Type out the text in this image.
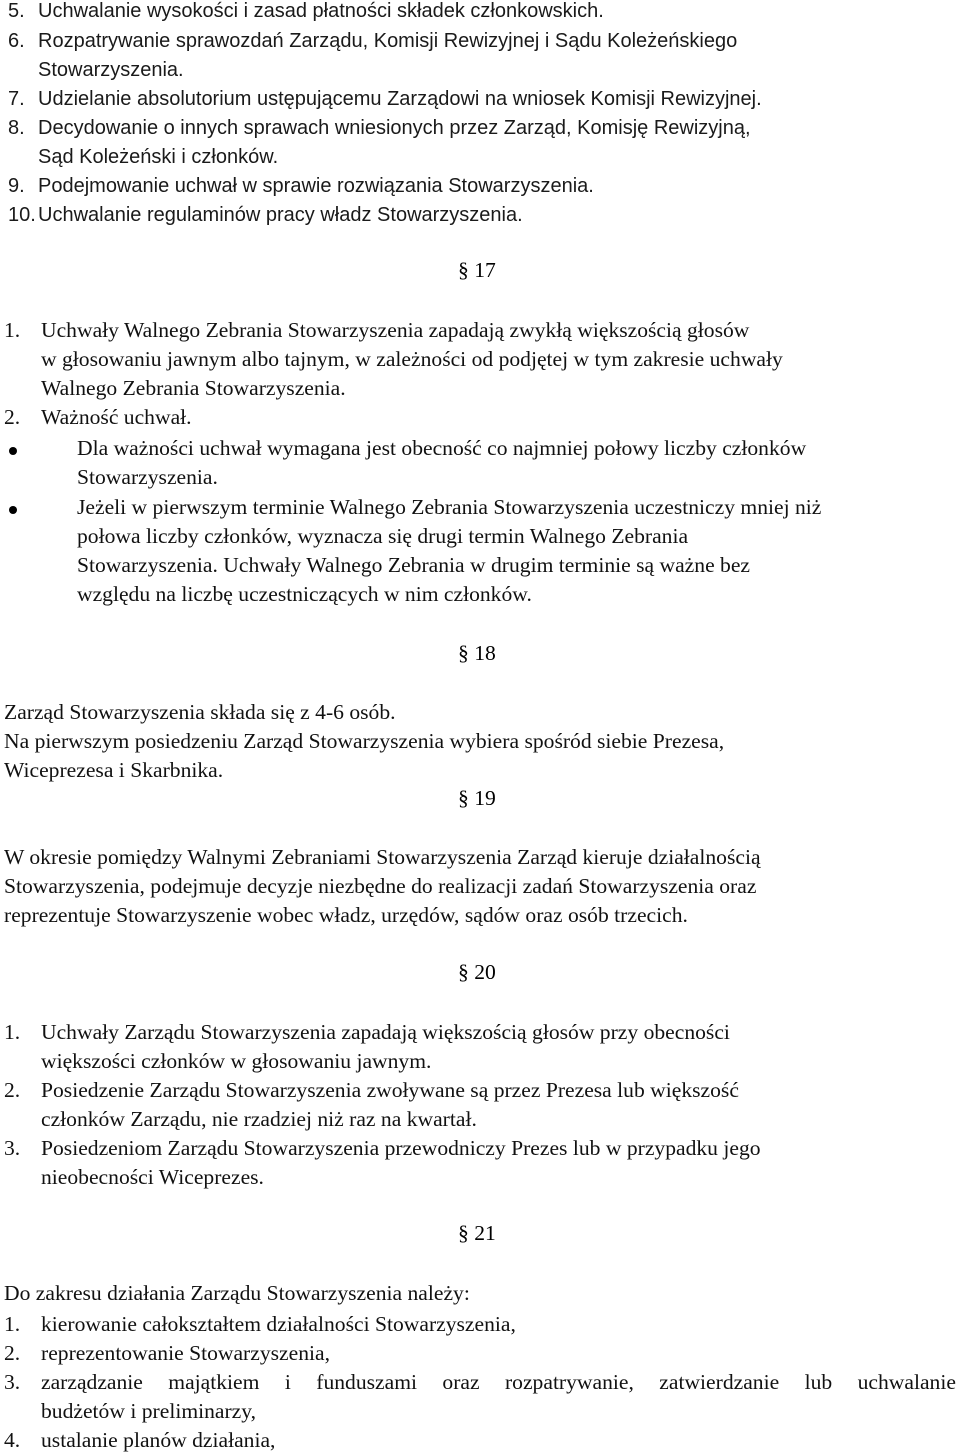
5. Uchwalanie wysokości i zasad płatności składek członkowskich.
6. Rozpatrywanie sprawozdań Zarządu, Komisji Rewizyjnej i Sądu Koleżeńskiego
Stowarzyszenia.
7. Udzielanie absolutorium ustępującemu Zarządowi na wniosek Komisji Rewizyjnej.
8. Decydowanie o innych sprawach wniesionych przez Zarząd, Komisję Rewizyjną,
Sąd Koleżeński i członków.
9. Podejmowanie uchwał w sprawie rozwiązania Stowarzyszenia.
10. Uchwalanie regulaminów pracy władz Stowarzyszenia.
§ 17
1. Uchwały Walnego Zebrania Stowarzyszenia zapadają zwykłą większością głosów
w głosowaniu jawnym albo tajnym, w zależności od podjętej w tym zakresie uchwały
Walnego Zebrania Stowarzyszenia.
2. Ważność uchwał.
Dla ważności uchwał wymagana jest obecność co najmniej połowy liczby członków
Stowarzyszenia.
Jeżeli w pierwszym terminie Walnego Zebrania Stowarzyszenia uczestniczy mniej niż
połowa liczby członków, wyznacza się drugi termin Walnego Zebrania
Stowarzyszenia. Uchwały Walnego Zebrania w drugim terminie są ważne bez
względu na liczbę uczestniczących w nim członków.
§ 18
Zarząd Stowarzyszenia składa się z 4-6 osób.
Na pierwszym posiedzeniu Zarząd Stowarzyszenia wybiera spośród siebie Prezesa,
Wiceprezesa i Skarbnika.
§ 19
W okresie pomiędzy Walnymi Zebraniami Stowarzyszenia Zarząd kieruje działalnością
Stowarzyszenia, podejmuje decyzje niezbędne do realizacji zadań Stowarzyszenia oraz
reprezentuje Stowarzyszenie wobec władz, urzędów, sądów oraz osób trzecich.
§ 20
1. Uchwały Zarządu Stowarzyszenia zapadają większością głosów przy obecności
większości członków w głosowaniu jawnym.
2. Posiedzenie Zarządu Stowarzyszenia zwoływane są przez Prezesa lub większość
członków Zarządu, nie rzadziej niż raz na kwartał.
3. Posiedzeniom Zarządu Stowarzyszenia przewodniczy Prezes lub w przypadku jego
nieobecności Wiceprezes.
§ 21
Do zakresu działania Zarządu Stowarzyszenia należy:
1. kierowanie całokształtem działalności Stowarzyszenia,
2. reprezentowanie Stowarzyszenia,
3. zarządzanie majątkiem i funduszami oraz rozpatrywanie, zatwierdzanie lub uchwalanie
budżetów i preliminarzy,
4. ustalanie planów działania,
